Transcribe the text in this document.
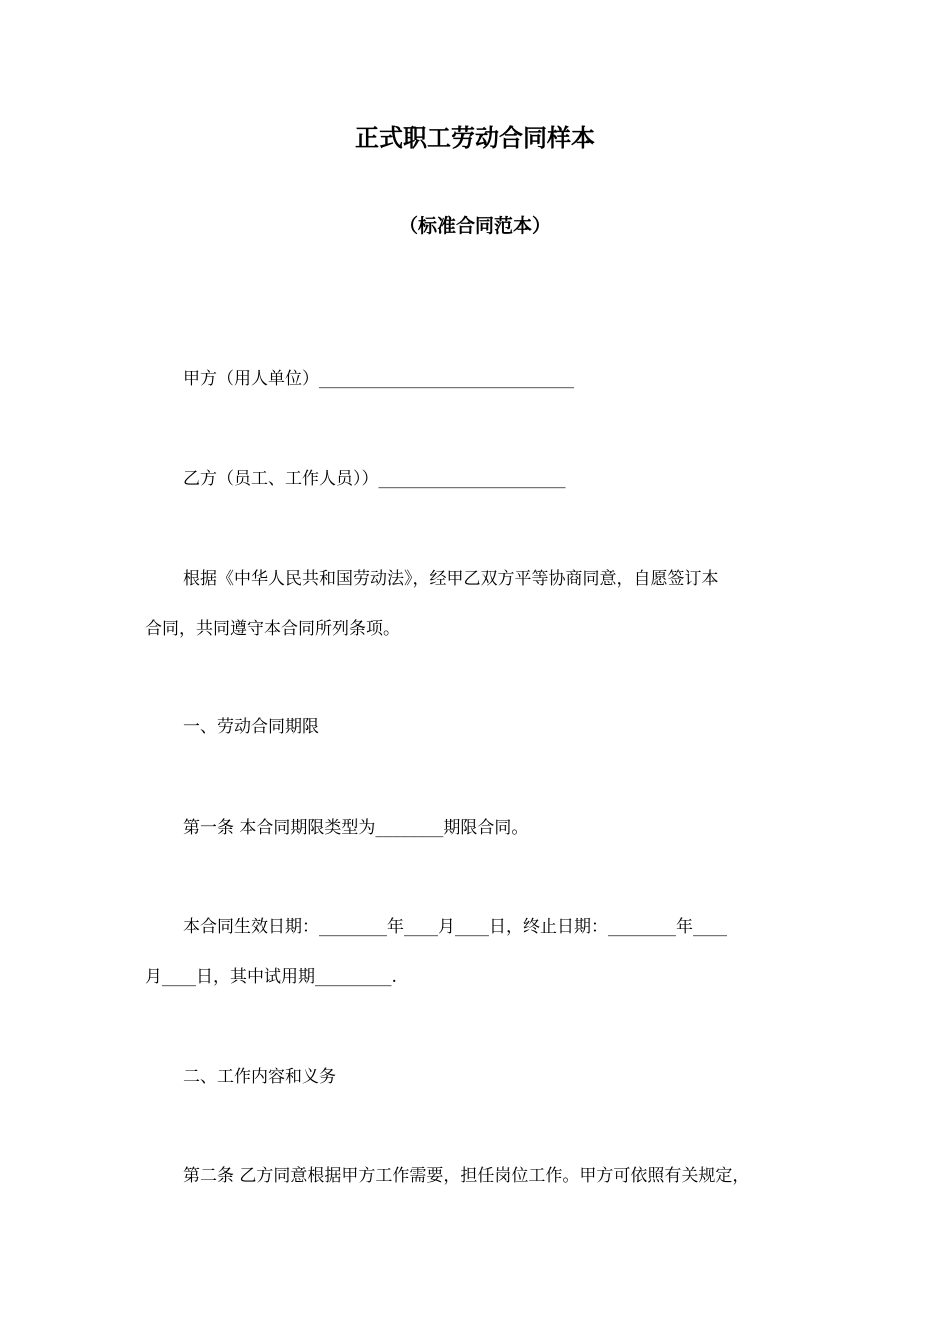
正式职工劳动合同样本
（标准合同范本）
甲方（用人单位）______________________________
乙方（员工、工作人员））______________________
根据《中华人民共和国劳动法》，经甲乙双方平等协商同意，自愿签订本
合同，共同遵守本合同所列条项。
一、劳动合同期限
第一条 本合同期限类型为________期限合同。
本合同生效日期：________年____月____日，终止日期：________年____
月____日，其中试用期_________.
二、工作内容和义务
第二条 乙方同意根据甲方工作需要，担任岗位工作。甲方可依照有关规定，
